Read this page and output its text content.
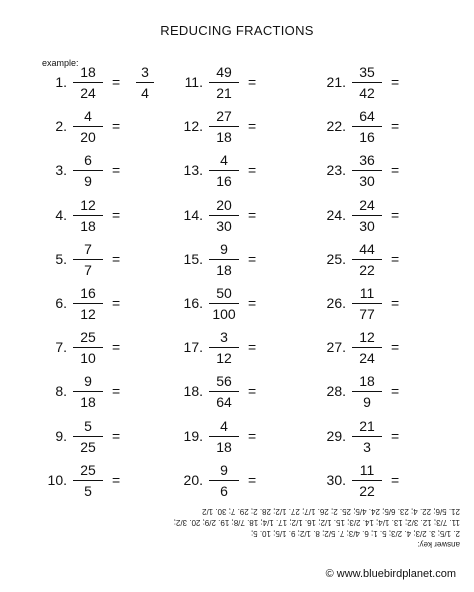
REDUCING FRACTIONS
example:
1.
18
24
=
3
4
2.
4
20
=
3.
6
9
=
4.
12
18
=
5.
7
7
=
6.
16
12
=
7.
25
10
=
8.
9
18
=
9.
5
25
=
10.
25
5
=
11.
49
21
=
12.
27
18
=
13.
4
16
=
14.
20
30
=
15.
9
18
=
16.
50
100
=
17.
3
12
=
18.
56
64
=
19.
4
18
=
20.
9
6
=
21.
35
42
=
22.
64
16
=
23.
36
30
=
24.
24
30
=
25.
44
22
=
26.
11
77
=
27.
12
24
=
28.
18
9
=
29.
21
3
=
30.
11
22
=
answer key:
2. 1/5; 3. 2/3; 4. 2/3; 5. 1; 6. 4/3; 7. 5/2; 8. 1/2; 9. 1/5; 10. 5;
11. 7/3; 12. 3/2; 13. 1/4; 14. 2/3; 15. 1/2; 16. 1/2; 17. 1/4; 18. 7/8; 19. 2/9; 20. 3/2;
21. 5/6; 22. 4; 23. 6/5; 24. 4/5; 25. 2; 26. 1/7; 27. 1/2; 28. 2; 29. 7; 30. 1/2
© www.bluebirdplanet.com
